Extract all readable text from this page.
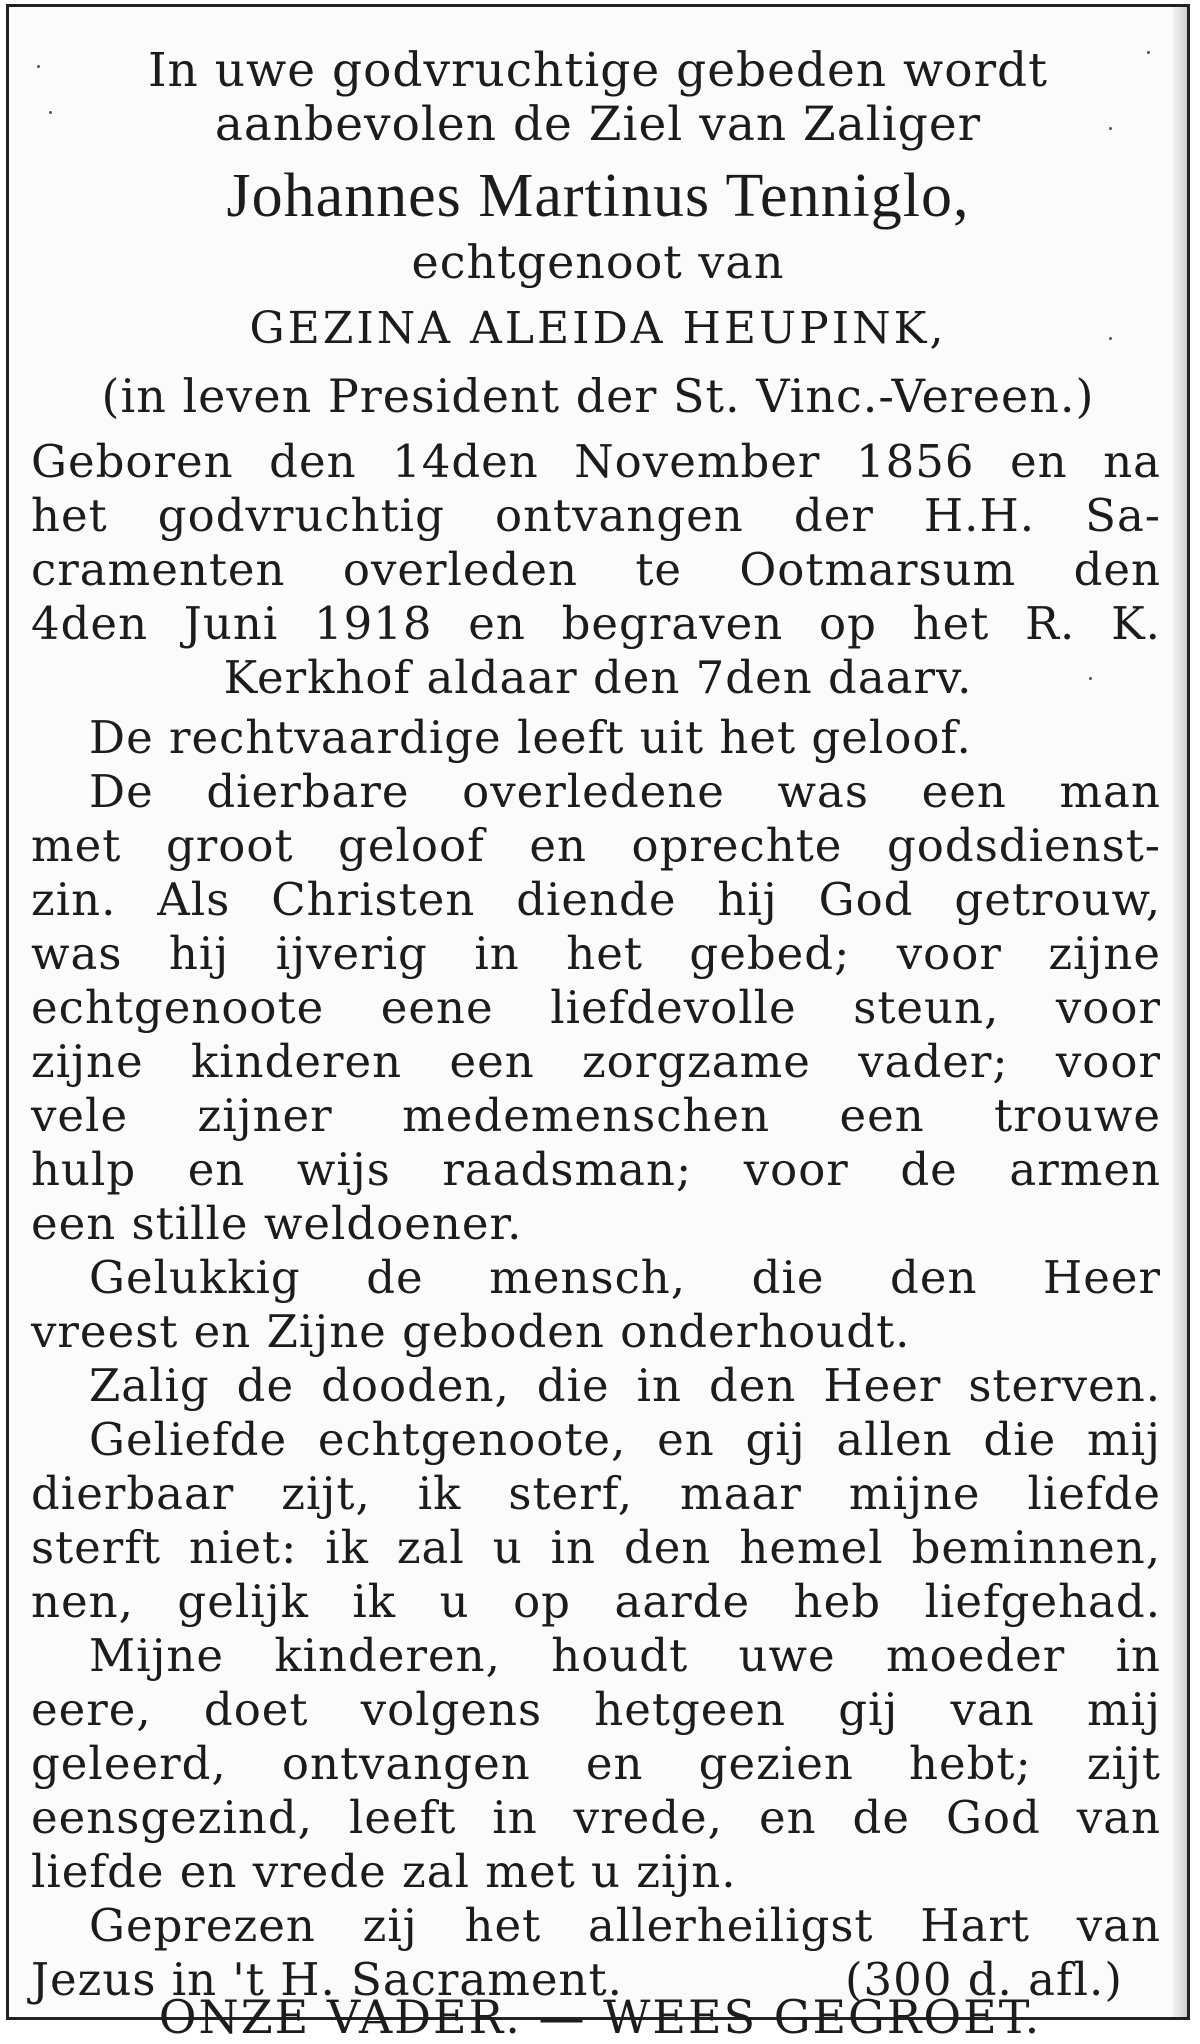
In uwe godvruchtige gebeden wordt
aanbevolen de Ziel van Zaliger
Johannes Martinus Tenniglo,
echtgenoot van
GEZINA ALEIDA HEUPINK,
(in leven President der St. Vinc.-Vereen.)
Geboren den 14den November 1856 en na
het godvruchtig ontvangen der H.H. Sa-
cramenten overleden te Ootmarsum den
4den Juni 1918 en begraven op het R. K.
Kerkhof aldaar den 7den daarv.
De rechtvaardige leeft uit het geloof.
De dierbare overledene was een man
met groot geloof en oprechte godsdienst-
zin. Als Christen diende hij God getrouw,
was hij ijverig in het gebed; voor zijne
echtgenoote eene liefdevolle steun, voor
zijne kinderen een zorgzame vader; voor
vele zijner medemenschen een trouwe
hulp en wijs raadsman; voor de armen
een stille weldoener.
Gelukkig de mensch, die den Heer
vreest en Zijne geboden onderhoudt.
Zalig de dooden, die in den Heer sterven.
Geliefde echtgenoote, en gij allen die mij
dierbaar zijt, ik sterf, maar mijne liefde
sterft niet: ik zal u in den hemel beminnen,
nen, gelijk ik u op aarde heb liefgehad.
Mijne kinderen, houdt uwe moeder in
eere, doet volgens hetgeen gij van mij
geleerd, ontvangen en gezien hebt; zijt
eensgezind, leeft in vrede, en de God van
liefde en vrede zal met u zijn.
Geprezen zij het allerheiligst Hart van
Jezus in 't H. Sacrament.	(300 d. afl.)
ONZE VADER. — WEES GEGROET.
